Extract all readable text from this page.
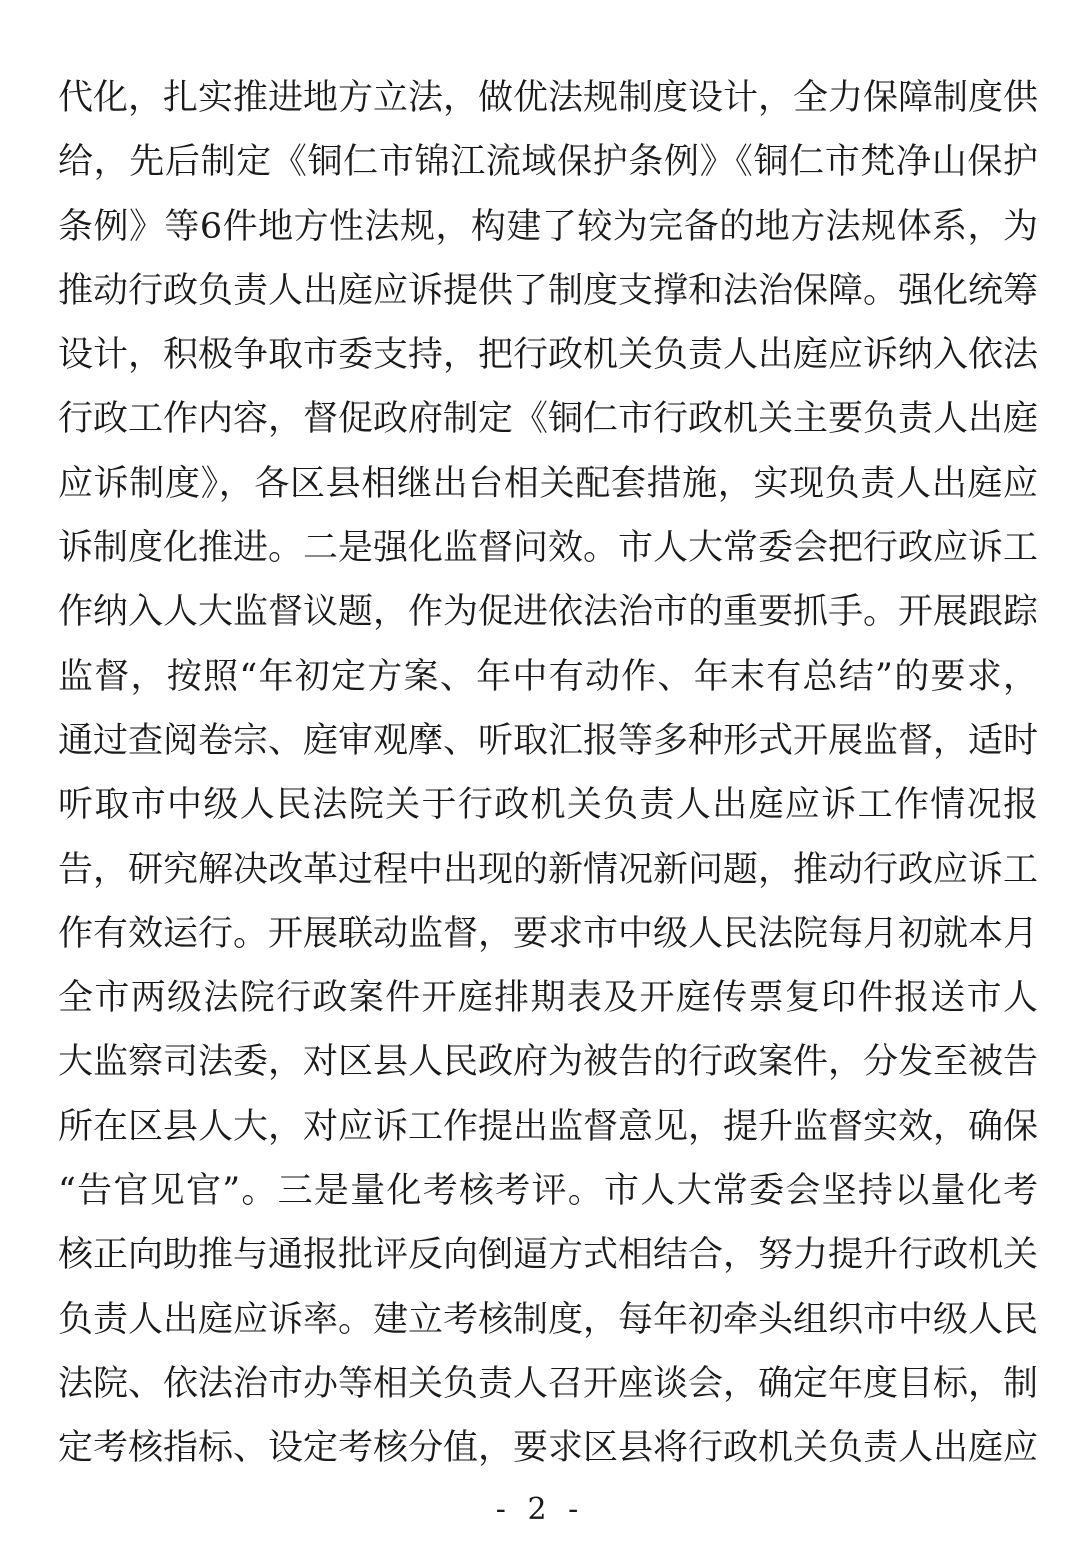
代化，扎实推进地方立法，做优法规制度设计，全力保障制度供
给，先后制定《铜仁市锦江流域保护条例》《铜仁市梵净山保护
条例》等6件地方性法规，构建了较为完备的地方法规体系，为
推动行政负责人出庭应诉提供了制度支撑和法治保障。强化统筹
设计，积极争取市委支持，把行政机关负责人出庭应诉纳入依法
行政工作内容，督促政府制定《铜仁市行政机关主要负责人出庭
应诉制度》，各区县相继出台相关配套措施，实现负责人出庭应
诉制度化推进。二是强化监督问效。市人大常委会把行政应诉工
作纳入人大监督议题，作为促进依法治市的重要抓手。开展跟踪
监督，按照“年初定方案、年中有动作、年末有总结”的要求，
通过查阅卷宗、庭审观摩、听取汇报等多种形式开展监督，适时
听取市中级人民法院关于行政机关负责人出庭应诉工作情况报
告，研究解决改革过程中出现的新情况新问题，推动行政应诉工
作有效运行。开展联动监督，要求市中级人民法院每月初就本月
全市两级法院行政案件开庭排期表及开庭传票复印件报送市人
大监察司法委，对区县人民政府为被告的行政案件，分发至被告
所在区县人大，对应诉工作提出监督意见，提升监督实效，确保
“告官见官”。三是量化考核考评。市人大常委会坚持以量化考
核正向助推与通报批评反向倒逼方式相结合，努力提升行政机关
负责人出庭应诉率。建立考核制度，每年初牵头组织市中级人民
法院、依法治市办等相关负责人召开座谈会，确定年度目标，制
定考核指标、设定考核分值，要求区县将行政机关负责人出庭应
- 2 -
